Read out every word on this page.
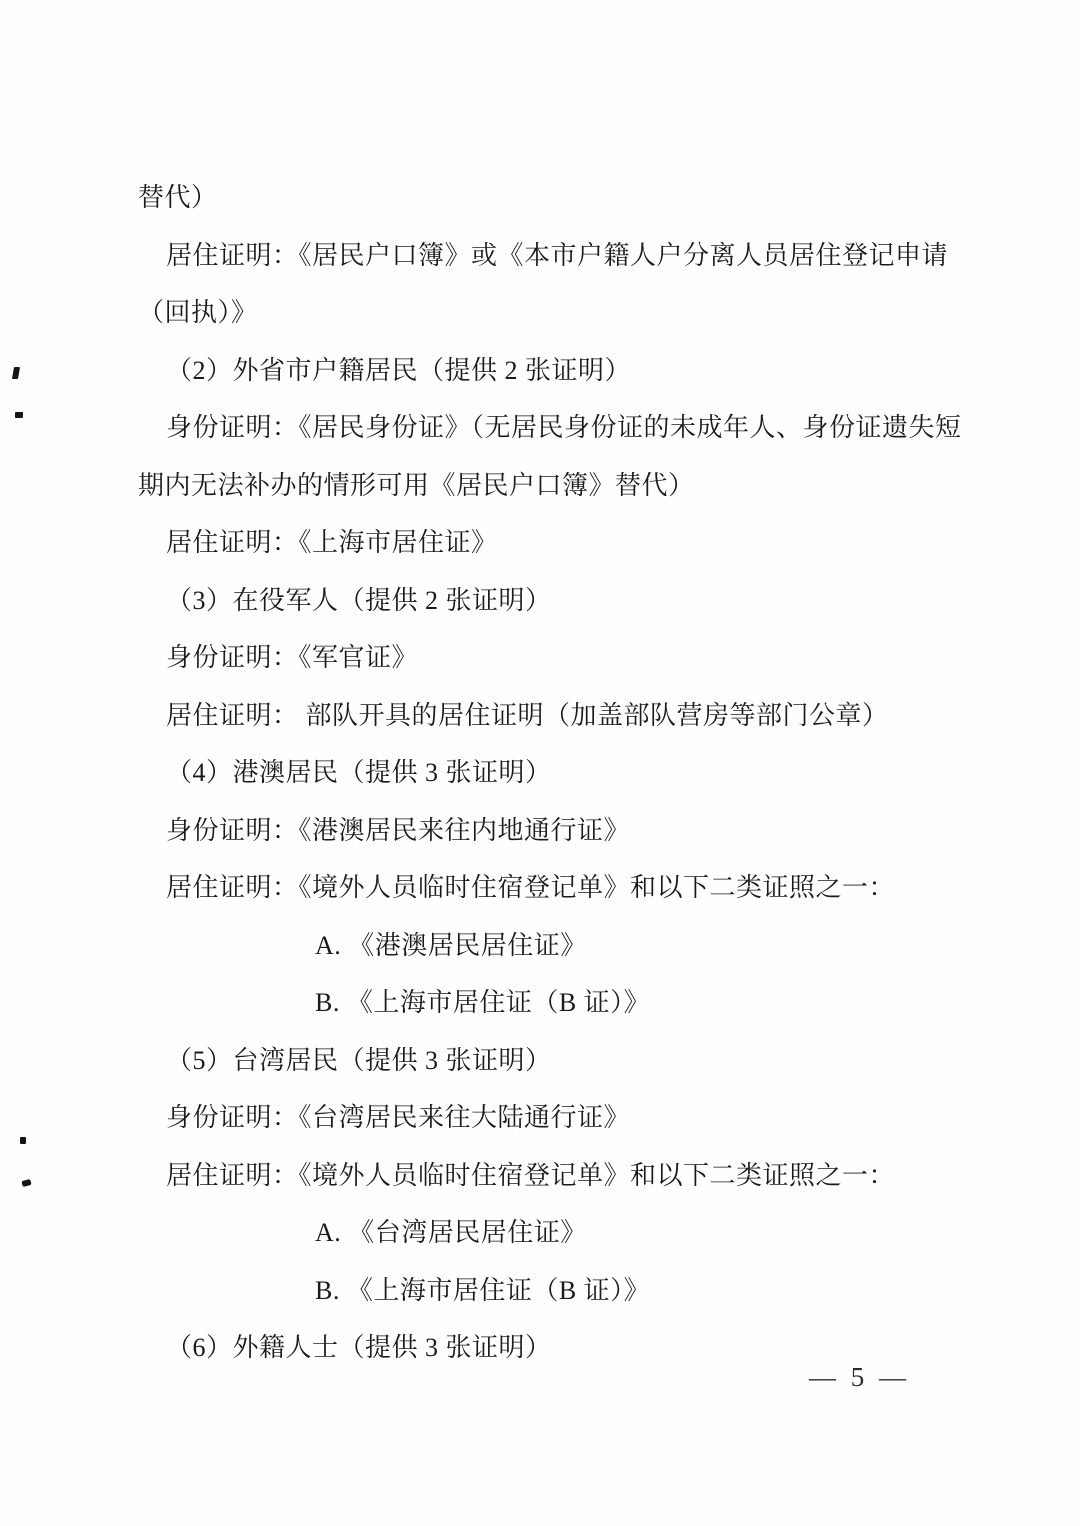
替代）
居住证明：《居民户口簿》或《本市户籍人户分离人员居住登记申请
（回执）》
（2）外省市户籍居民（提供 2 张证明）
身份证明：《居民身份证》（无居民身份证的未成年人、身份证遗失短
期内无法补办的情形可用《居民户口簿》替代）
居住证明：《上海市居住证》
（3）在役军人（提供 2 张证明）
身份证明：《军官证》
居住证明： 部队开具的居住证明（加盖部队营房等部门公章）
（4）港澳居民（提供 3 张证明）
身份证明：《港澳居民来往内地通行证》
居住证明：《境外人员临时住宿登记单》和以下二类证照之一：
A. 《港澳居民居住证》
B. 《上海市居住证（B 证）》
（5）台湾居民（提供 3 张证明）
身份证明：《台湾居民来往大陆通行证》
居住证明：《境外人员临时住宿登记单》和以下二类证照之一：
A. 《台湾居民居住证》
B. 《上海市居住证（B 证）》
（6）外籍人士（提供 3 张证明）
— 5 —
